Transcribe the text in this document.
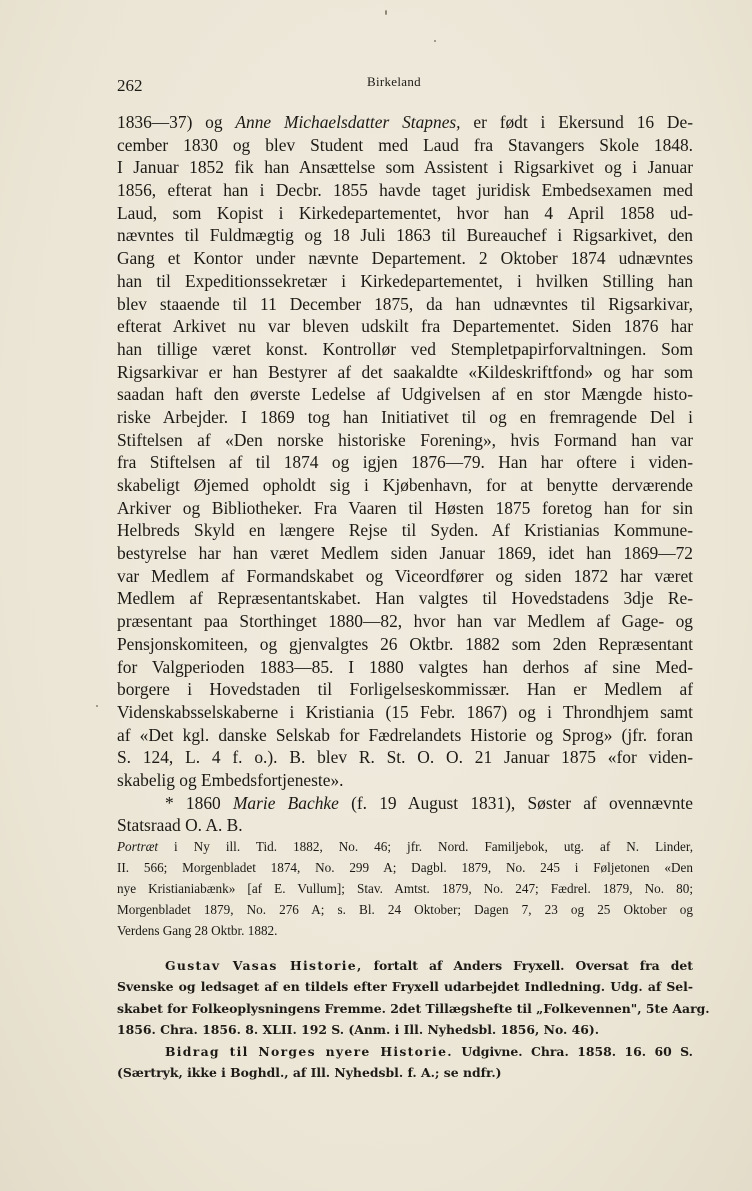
262	Birkeland
1836—37) og Anne Michaelsdatter Stapnes, er født i Ekersund 16 De-
cember 1830 og blev Student med Laud fra Stavangers Skole 1848.
I Januar 1852 fik han Ansættelse som Assistent i Rigsarkivet og i Januar
1856, efterat han i Decbr. 1855 havde taget juridisk Embedsexamen med
Laud, som Kopist i Kirkedepartementet, hvor han 4 April 1858 ud-
nævntes til Fuldmægtig og 18 Juli 1863 til Bureauchef i Rigsarkivet, den
Gang et Kontor under nævnte Departement. 2 Oktober 1874 udnævntes
han til Expeditionssekretær i Kirkedepartementet, i hvilken Stilling han
blev staaende til 11 December 1875, da han udnævntes til Rigsarkivar,
efterat Arkivet nu var bleven udskilt fra Departementet. Siden 1876 har
han tillige været konst. Kontrollør ved Stempletpapirforvaltningen. Som
Rigsarkivar er han Bestyrer af det saakaldte «Kildeskriftfond» og har som
saadan haft den øverste Ledelse af Udgivelsen af en stor Mængde histo-
riske Arbejder. I 1869 tog han Initiativet til og en fremragende Del i
Stiftelsen af «Den norske historiske Forening», hvis Formand han var
fra Stiftelsen af til 1874 og igjen 1876—79. Han har oftere i viden-
skabeligt Øjemed opholdt sig i Kjøbenhavn, for at benytte derværende
Arkiver og Bibliotheker. Fra Vaaren til Høsten 1875 foretog han for sin
Helbreds Skyld en længere Rejse til Syden. Af Kristianias Kommune-
bestyrelse har han været Medlem siden Januar 1869, idet han 1869—72
var Medlem af Formandskabet og Viceordfører og siden 1872 har været
Medlem af Repræsentantskabet. Han valgtes til Hovedstadens 3dje Re-
præsentant paa Storthinget 1880—82, hvor han var Medlem af Gage- og
Pensjonskomiteen, og gjenvalgtes 26 Oktbr. 1882 som 2den Repræsentant
for Valgperioden 1883—85. I 1880 valgtes han derhos af sine Med-
borgere i Hovedstaden til Forligelseskommissær. Han er Medlem af
Videnskabsselskaberne i Kristiania (15 Febr. 1867) og i Throndhjem samt
af «Det kgl. danske Selskab for Fædrelandets Historie og Sprog» (jfr. foran
S. 124, L. 4 f. o.). B. blev R. St. O. O. 21 Januar 1875 «for viden-
skabelig og Embedsfortjeneste».
* 1860 Marie Bachke (f. 19 August 1831), Søster af ovennævnte
Statsraad O. A. B.
Portræt i Ny ill. Tid. 1882, No. 46; jfr. Nord. Familjebok, utg. af N. Linder,
II. 566; Morgenbladet 1874, No. 299 A; Dagbl. 1879, No. 245 i Føljetonen «Den
nye Kristianiabænk» [af E. Vullum]; Stav. Amtst. 1879, No. 247; Fædrel. 1879, No. 80;
Morgenbladet 1879, No. 276 A; s. Bl. 24 Oktober; Dagen 7, 23 og 25 Oktober og
Verdens Gang 28 Oktbr. 1882.
Gustav Vasas Historie, fortalt af Anders Fryxell. Oversat fra det
Svenske og ledsaget af en tildels efter Fryxell udarbejdet Indledning. Udg. af Sel-
skabet for Folkeoplysningens Fremme. 2det Tillægshefte til „Folkevennen", 5te Aarg.
1856. Chra. 1856. 8. XLII. 192 S. (Anm. i Ill. Nyhedsbl. 1856, No. 46).
Bidrag til Norges nyere Historie. Udgivne. Chra. 1858. 16. 60 S.
(Særtryk, ikke i Boghdl., af Ill. Nyhedsbl. f. A.; se ndfr.)
